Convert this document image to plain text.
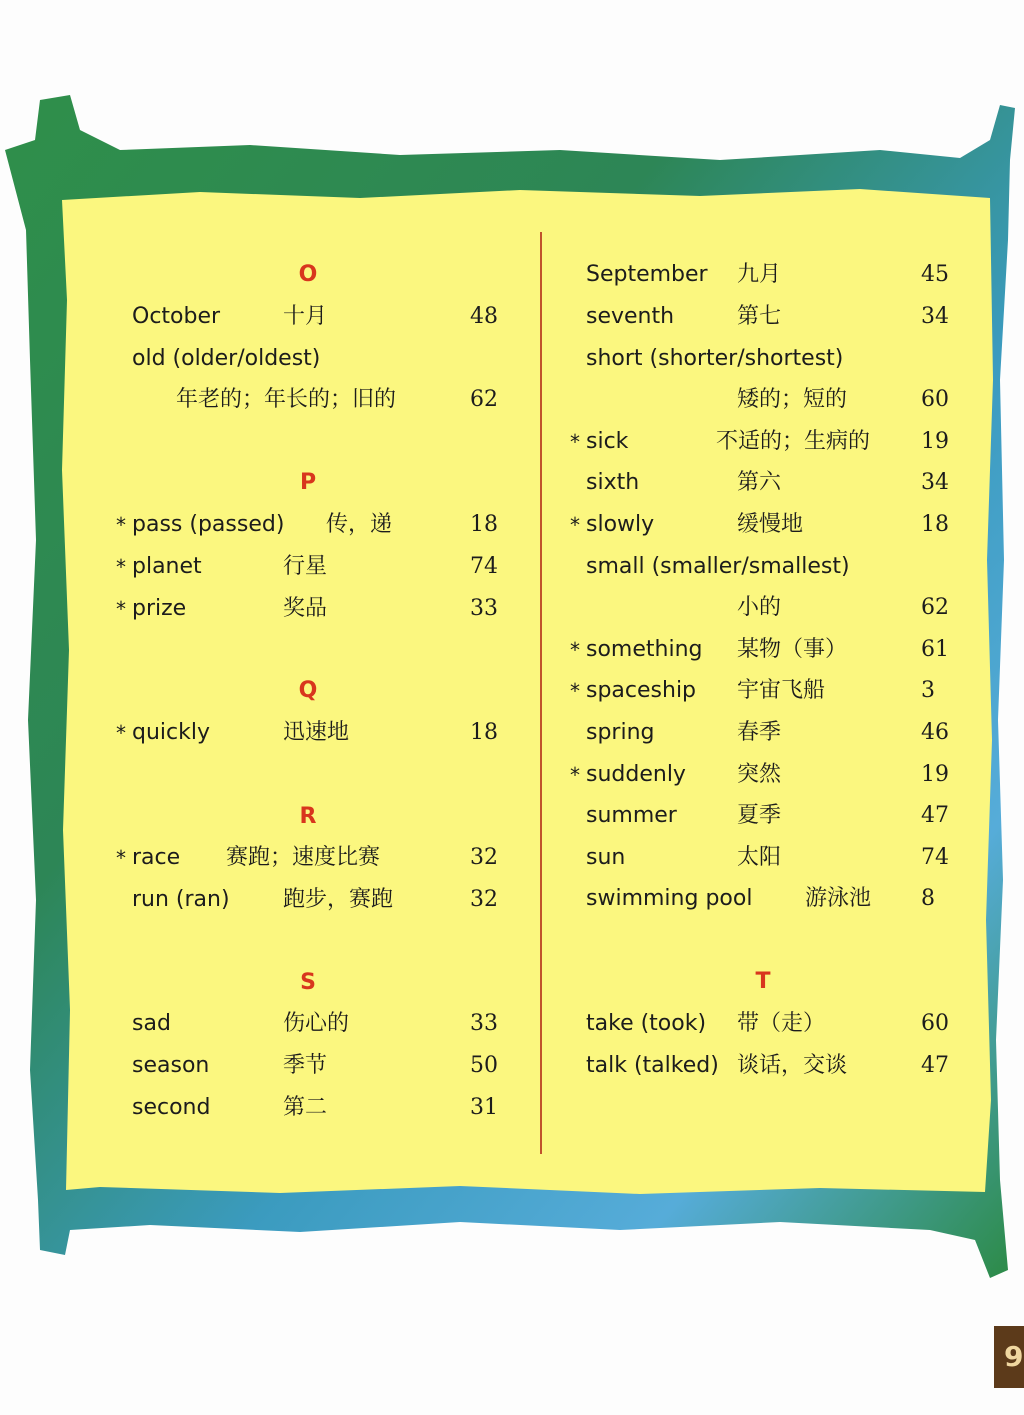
O
October	十月	48
old (older/oldest)
年老的；年长的；旧的	62
P
* pass (passed) 传，递	18
* planet	行星	74
* prize	奖品	33
Q
* quickly	迅速地	18
R
* race 赛跑；速度比赛	32
run (ran) 跑步，赛跑	32
S
sad	伤心的	33
season	季节	50
second	第二	31
September 九月	45
seventh	第七	34
short (shorter/shortest)
矮的；短的	60
* sick	不适的；生病的 19
sixth	第六	34
* slowly	缓慢地	18
small (smaller/smallest)
小的	62
* something 某物（事）	61
* spaceship 宇宙飞船	3
spring	春季	46
* suddenly 突然	19
summer	夏季	47
sun	太阳	74
swimming pool 游泳池 8
T
take (took) 带（走）	60
talk (talked) 谈话，交谈	47
9
